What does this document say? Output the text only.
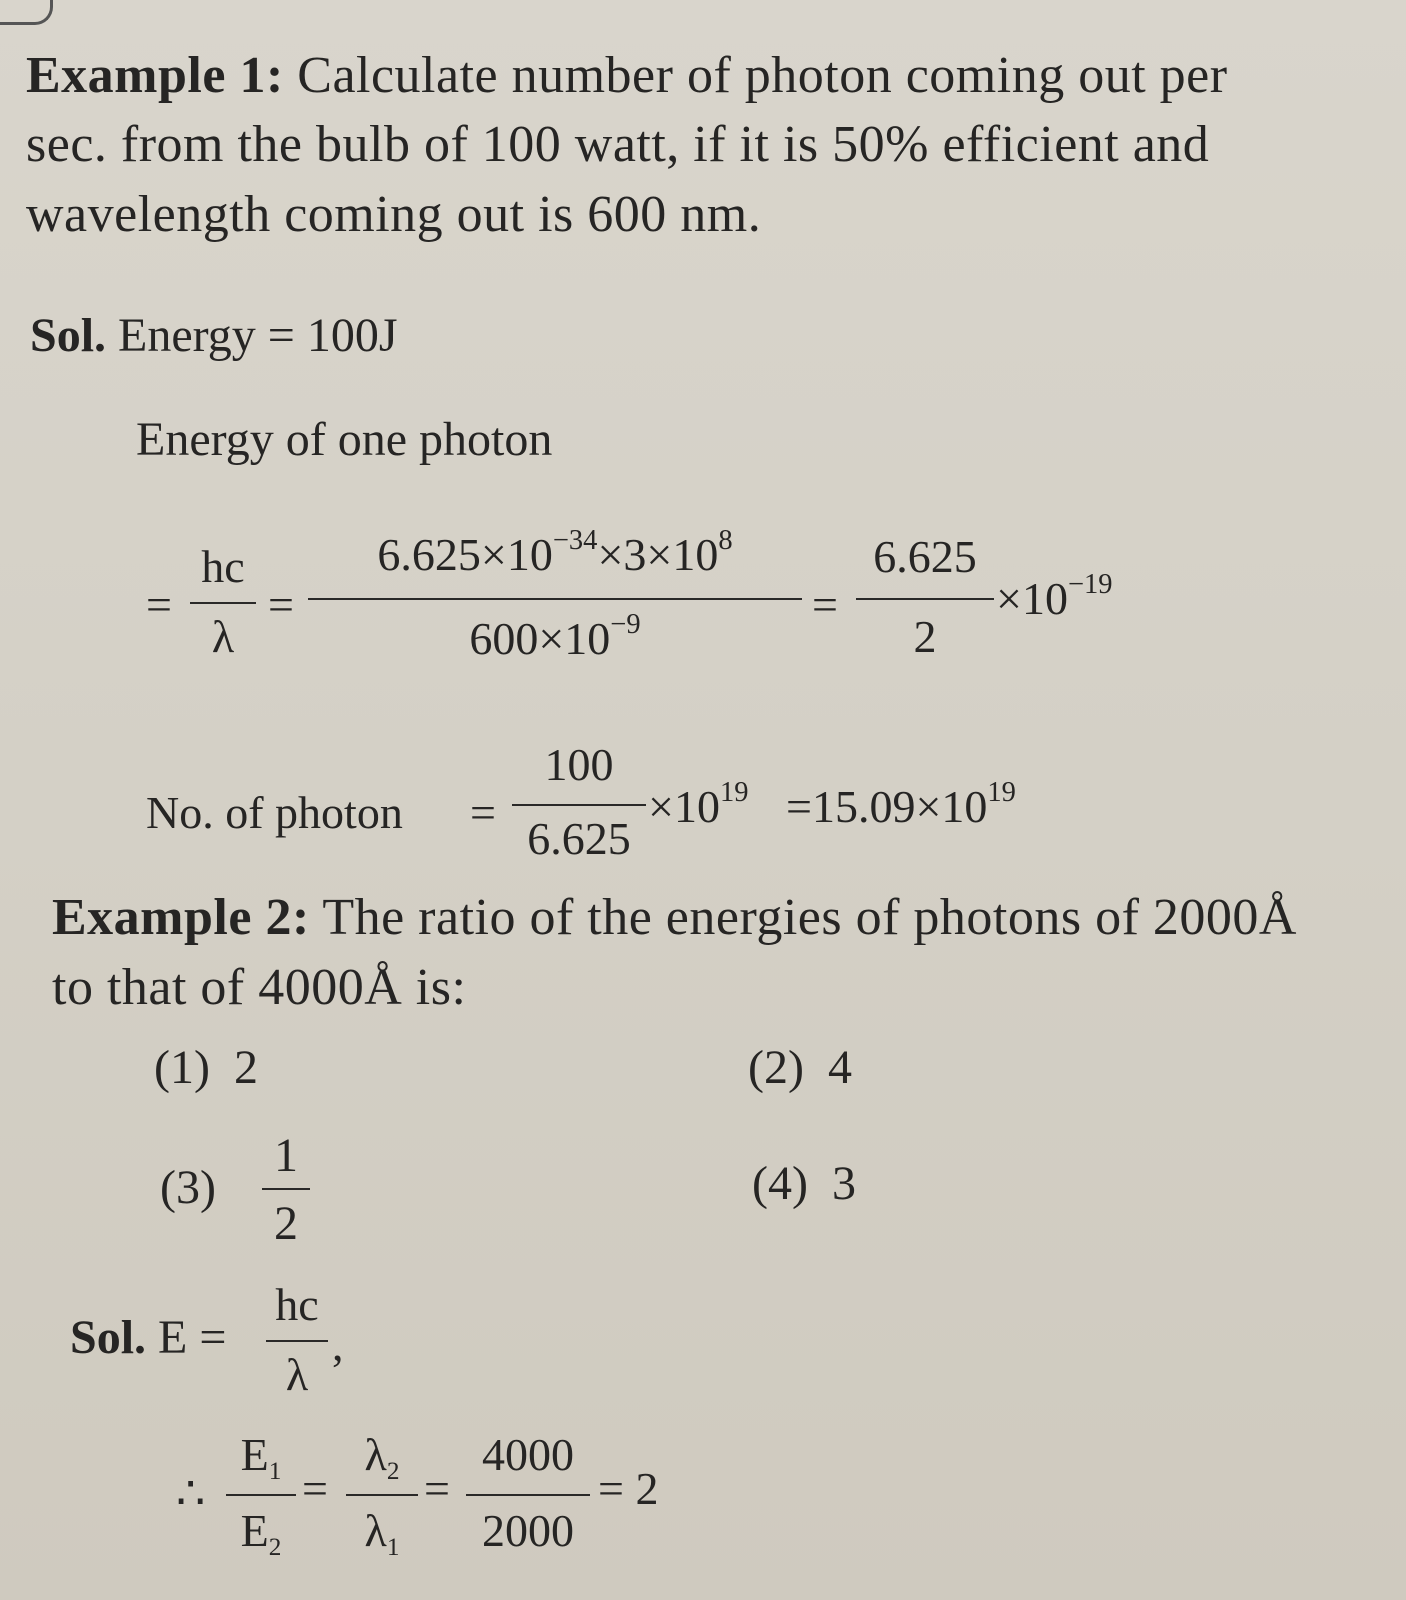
Example 1: Calculate number of photon coming out per
sec. from the bulb of 100 watt, if it is 50% efficient and
wavelength coming out is 600 nm.
Sol. Energy = 100J
Energy of one photon
=
hc
λ
=
$6.625\times 10^{-34}\times 3\times 10^8$
$600\times 10^{-9}$	=
6.625
2
$\times 10^{-19}$
No. of photon =
100
6.625
$\times 10^{19} =15.09\times 10^{19}$
Example 2: The ratio of the energies of photons of 2000Å
to that of 4000Å is:
(1) 2	(2) 4
(3)
1
2
(4) 3
Sol. E =
hc
λ
,
∴
$E_1$
$E_2$
=
$\lambda_2$
$\lambda_1$
=
4000
2000
= 2
